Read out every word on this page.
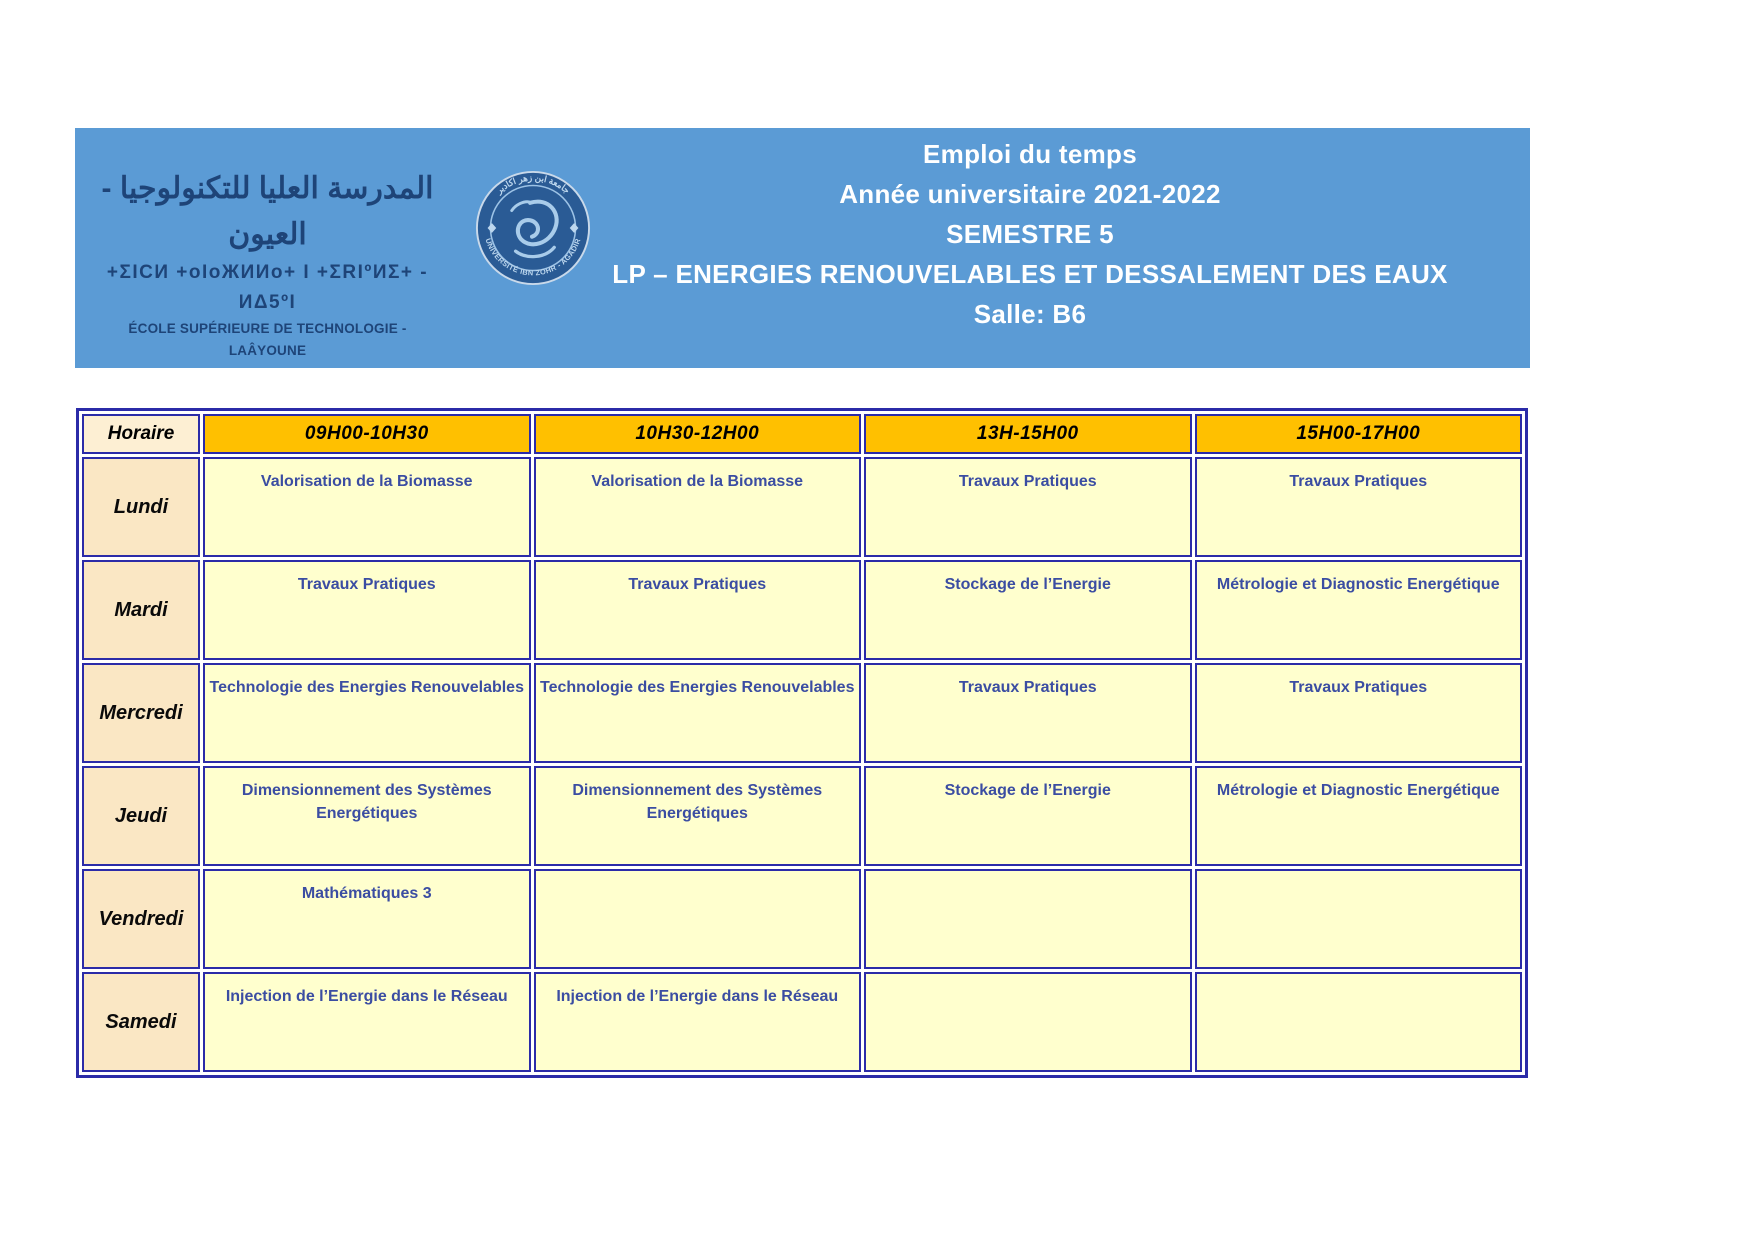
المدرسة العليا للتكنولوجيا - العيون
+ΣICИ +oIoЖИИo+ I +ΣRIºИΣ+ - ИΔ5ºI
ÉCOLE SUPÉRIEURE DE TECHNOLOGIE - LAÂYOUNE
جامعة ابن زهر اكادير
UNIVERSITÉ IBN ZOHR - AGADIR
Emploi du temps
Année universitaire 2021-2022
SEMESTRE 5
LP – ENERGIES RENOUVELABLES ET DESSALEMENT DES EAUX
Salle: B6
Horaire	09H00-10H30	10H30-12H00	13H-15H00	15H00-17H00
Lundi	Valorisation de la Biomasse	Valorisation de la Biomasse	Travaux Pratiques	Travaux Pratiques
Mardi	Travaux Pratiques	Travaux Pratiques	Stockage de l’Energie	Métrologie et Diagnostic Energétique
Mercredi	Technologie des Energies Renouvelables	Technologie des Energies Renouvelables	Travaux Pratiques	Travaux Pratiques
Jeudi	Dimensionnement des Systèmes Energétiques	Dimensionnement des Systèmes Energétiques	Stockage de l’Energie	Métrologie et Diagnostic Energétique
Vendredi	Mathématiques 3			
Samedi	Injection de l’Energie dans le Réseau	Injection de l’Energie dans le Réseau		
